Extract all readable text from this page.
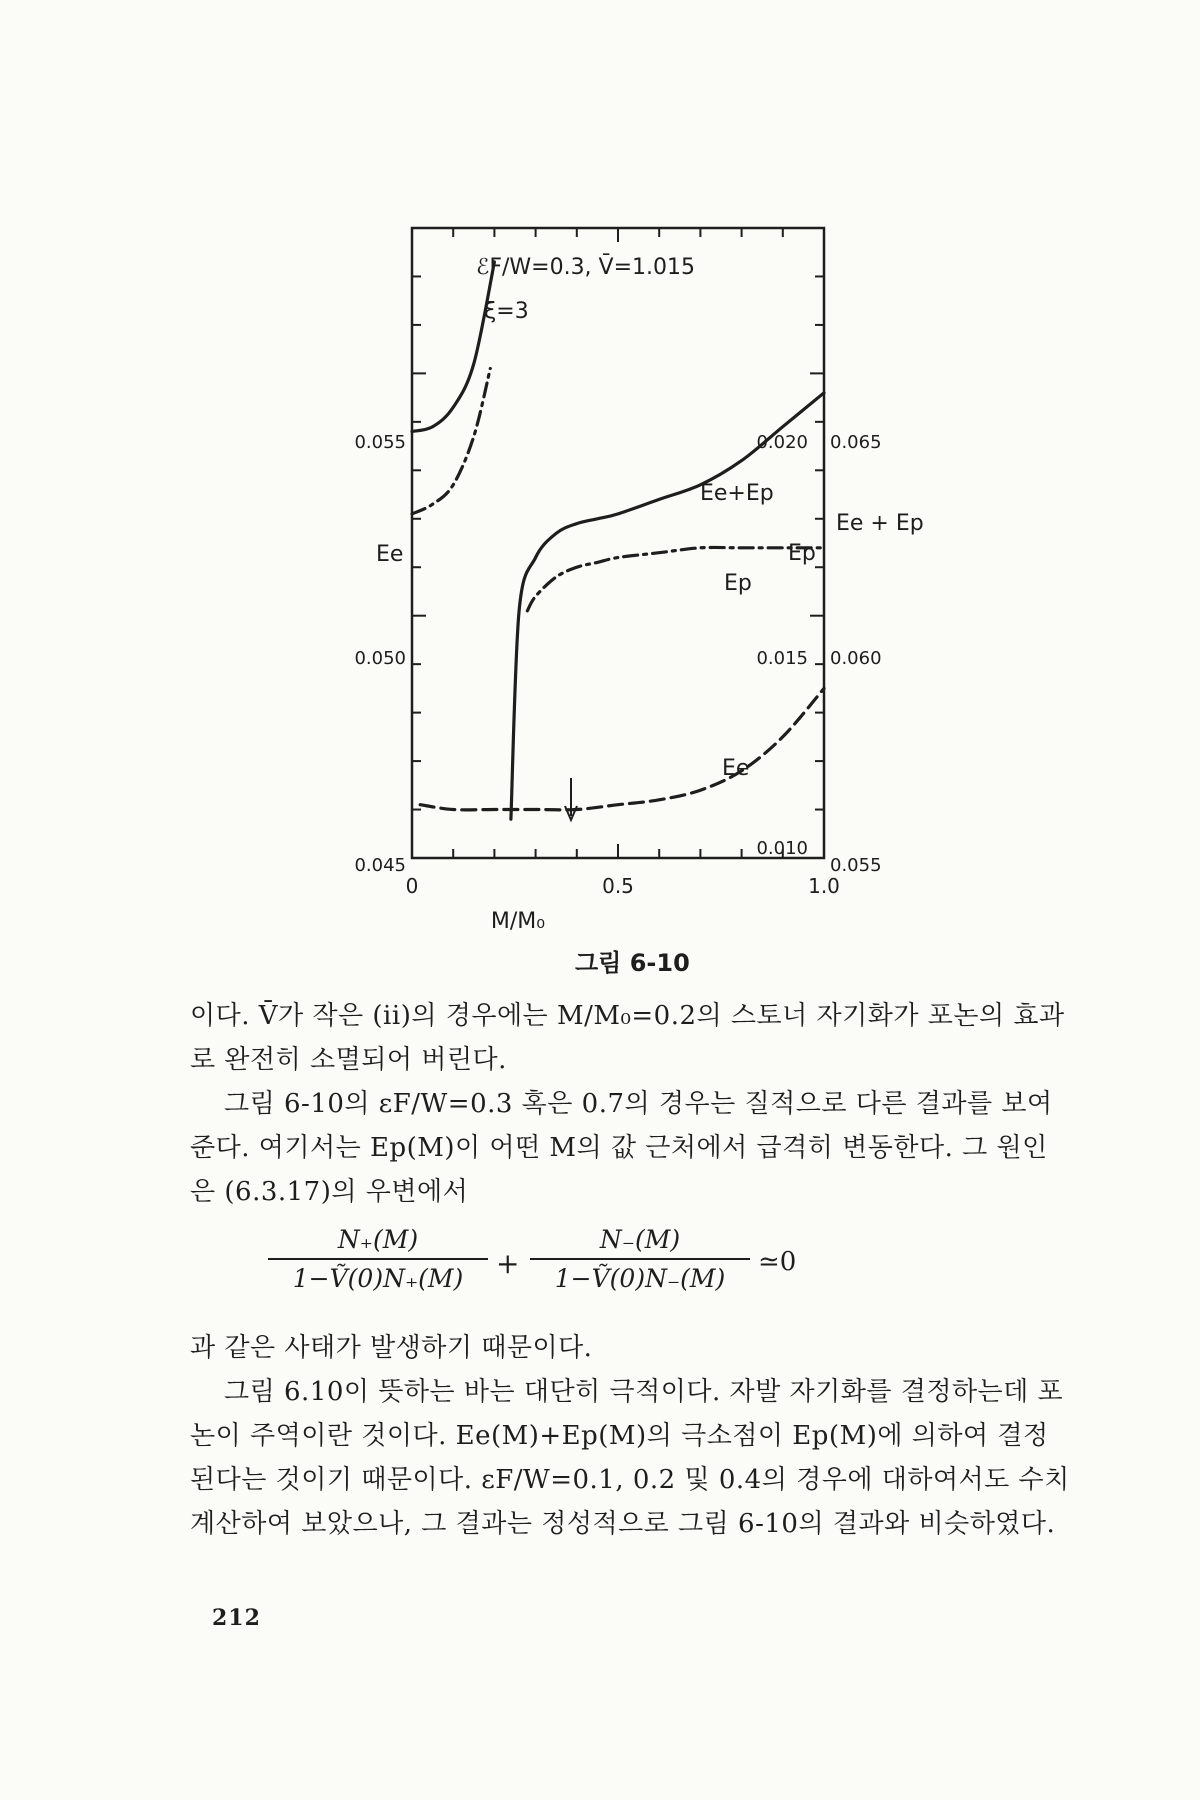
0.045
0.050
0.055
0.010
0.015
0.020
0.055
0.060
0.065
0	0.5	1.0
M/M₀
ℰF/W=0.3, V̄=1.015
ξ=3
Ee
Ee+Ep
Ep
Ep
Ee
Ee + Ep
그림 6-10

이다. V̄가 작은 (ii)의 경우에는 M/M₀=0.2의 스토너 자기화가 포논의 효과로 완전히 소멸되어 버린다.

그림 6-10의 εF/W=0.3 혹은 0.7의 경우는 질적으로 다른 결과를 보여준다. 여기서는 Ep(M)이 어떤 M의 값 근처에서 급격히 변동한다. 그 원인은 (6.3.17)의 우변에서

$\frac{N_+(M)}{\text{1−Ṽ(0)N₊(M)}} + \frac{N_-(M)}{\text{1−Ṽ(0)N₋(M)}}$ ≃0

과 같은 사태가 발생하기 때문이다.

그림 6.10이 뜻하는 바는 대단히 극적이다. 자발 자기화를 결정하는데 포논이 주역이란 것이다. Ee(M)+Ep(M)의 극소점이 Ep(M)에 의하여 결정된다는 것이기 때문이다. εF/W=0.1, 0.2 및 0.4의 경우에 대하여서도 수치계산하여 보았으나, 그 결과는 정성적으로 그림 6-10의 결과와 비슷하였다.

212
